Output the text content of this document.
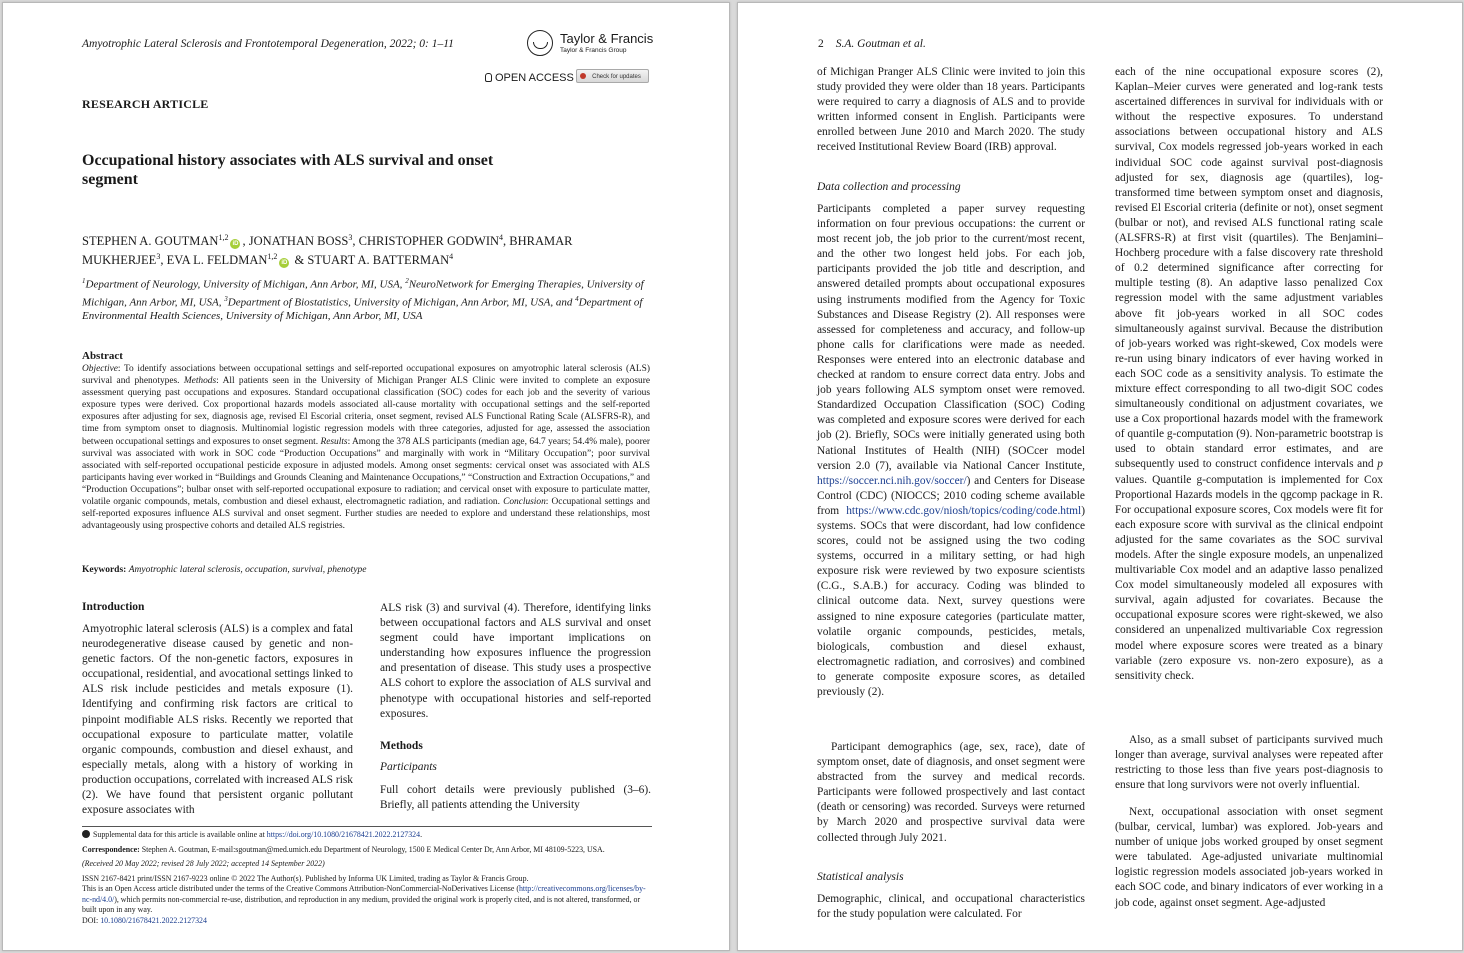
Amyotrophic Lateral Sclerosis and Frontotemporal Degeneration, 2022; 0: 1–11	Taylor & Francis
Taylor & Francis Group
OPEN ACCESS	Check for updates
RESEARCH ARTICLE
Occupational history associates with ALS survival and onset segment
STEPHEN A. GOUTMAN$^{1,2}$iD , JONATHAN BOSS$^3$, CHRISTOPHER GODWIN$^4$, BHRAMAR MUKHERJEE$^3$, EVA L. FELDMAN$^{1,2}$iD & STUART A. BATTERMAN$^4$
$^1$Department of Neurology, University of Michigan, Ann Arbor, MI, USA, $^2$NeuroNetwork for Emerging Therapies, University of Michigan, Ann Arbor, MI, USA, $^3$Department of Biostatistics, University of Michigan, Ann Arbor, MI, USA, and $^4$Department of Environmental Health Sciences, University of Michigan, Ann Arbor, MI, USA
Abstract
Objective: To identify associations between occupational settings and self-reported occupational exposures on amyotrophic lateral sclerosis (ALS) survival and phenotypes. Methods: All patients seen in the University of Michigan Pranger ALS Clinic were invited to complete an exposure assessment querying past occupations and exposures. Standard occupational classification (SOC) codes for each job and the severity of various exposure types were derived. Cox proportional hazards models associated all-cause mortality with occupational settings and the self-reported exposures after adjusting for sex, diagnosis age, revised El Escorial criteria, onset segment, revised ALS Functional Rating Scale (ALSFRS-R), and time from symptom onset to diagnosis. Multinomial logistic regression models with three categories, adjusted for age, assessed the association between occupational settings and exposures to onset segment. Results: Among the 378 ALS participants (median age, 64.7 years; 54.4% male), poorer survival was associated with work in SOC code “Production Occupations” and marginally with work in “Military Occupation”; poor survival associated with self-reported occupational pesticide exposure in adjusted models. Among onset segments: cervical onset was associated with ALS participants having ever worked in “Buildings and Grounds Cleaning and Maintenance Occupations,” “Construction and Extraction Occupations,” and “Production Occupations”; bulbar onset with self-reported occupational exposure to radiation; and cervical onset with exposure to particulate matter, volatile organic compounds, metals, combustion and diesel exhaust, electromagnetic radiation, and radiation. Conclusion: Occupational settings and self-reported exposures influence ALS survival and onset segment. Further studies are needed to explore and understand these relationships, most advantageously using prospective cohorts and detailed ALS registries.
Keywords: Amyotrophic lateral sclerosis, occupation, survival, phenotype
Introduction
Amyotrophic lateral sclerosis (ALS) is a complex and fatal neurodegenerative disease caused by genetic and non-genetic factors. Of the non-genetic factors, exposures in occupational, residential, and avocational settings linked to ALS risk include pesticides and metals exposure (1). Identifying and confirming risk factors are critical to pinpoint modifiable ALS risks. Recently we reported that occupational exposure to particulate matter, volatile organic compounds, combustion and diesel exhaust, and especially metals, along with a history of working in production occupations, correlated with increased ALS risk (2). We have found that persistent organic pollutant exposure associates with
ALS risk (3) and survival (4). Therefore, identifying links between occupational factors and ALS survival and onset segment could have important implications on understanding how exposures influence the progression and presentation of disease. This study uses a prospective ALS cohort to explore the association of ALS survival and phenotype with occupational histories and self-reported exposures.
Methods
Participants
Full cohort details were previously published (3–6). Briefly, all patients attending the University
Supplemental data for this article is available online at https://doi.org/10.1080/21678421.2022.2127324.
Correspondence: Stephen A. Goutman, E-mail:sgoutman@med.umich.edu Department of Neurology, 1500 E Medical Center Dr, Ann Arbor, MI 48109-5223, USA.
(Received 20 May 2022; revised 28 July 2022; accepted 14 September 2022)
ISSN 2167-8421 print/ISSN 2167-9223 online © 2022 The Author(s). Published by Informa UK Limited, trading as Taylor & Francis Group.
This is an Open Access article distributed under the terms of the Creative Commons Attribution-NonCommercial-NoDerivatives License (http://creativecommons.org/licenses/by-nc-nd/4.0/), which permits non-commercial re-use, distribution, and reproduction in any medium, provided the original work is properly cited, and is not altered, transformed, or built upon in any way.
DOI: 10.1080/21678421.2022.2127324
2 S.A. Goutman et al.
of Michigan Pranger ALS Clinic were invited to join this study provided they were older than 18 years. Participants were required to carry a diagnosis of ALS and to provide written informed consent in English. Participants were enrolled between June 2010 and March 2020. The study received Institutional Review Board (IRB) approval.
Data collection and processing
Participants completed a paper survey requesting information on four previous occupations: the current or most recent job, the job prior to the current/most recent, and the other two longest held jobs. For each job, participants provided the job title and description, and answered detailed prompts about occupational exposures using instruments modified from the Agency for Toxic Substances and Disease Registry (2). All responses were assessed for completeness and accuracy, and follow-up phone calls for clarifications were made as needed. Responses were entered into an electronic database and checked at random to ensure correct data entry. Jobs and job years following ALS symptom onset were removed. Standardized Occupation Classification (SOC) Coding was completed and exposure scores were derived for each job (2). Briefly, SOCs were initially generated using both National Institutes of Health (NIH) (SOCcer model version 2.0 (7), available via National Cancer Institute, https://soccer.nci.nih.gov/soccer/) and Centers for Disease Control (CDC) (NIOCCS; 2010 coding scheme available from https://www.cdc.gov/niosh/topics/coding/code.html) systems. SOCs that were discordant, had low confidence scores, could not be assigned using the two coding systems, occurred in a military setting, or had high exposure risk were reviewed by two exposure scientists (C.G., S.A.B.) for accuracy. Coding was blinded to clinical outcome data. Next, survey questions were assigned to nine exposure categories (particulate matter, volatile organic compounds, pesticides, metals, biologicals, combustion and diesel exhaust, electromagnetic radiation, and corrosives) and combined to generate composite exposure scores, as detailed previously (2).
Participant demographics (age, sex, race), date of symptom onset, date of diagnosis, and onset segment were abstracted from the survey and medical records. Participants were followed prospectively and last contact (death or censoring) was recorded. Surveys were returned by March 2020 and prospective survival data were collected through July 2021.
Statistical analysis
Demographic, clinical, and occupational characteristics for the study population were calculated. For
each of the nine occupational exposure scores (2), Kaplan–Meier curves were generated and log-rank tests ascertained differences in survival for individuals with or without the respective exposures. To understand associations between occupational history and ALS survival, Cox models regressed job-years worked in each individual SOC code against survival post-diagnosis adjusted for sex, diagnosis age (quartiles), log-transformed time between symptom onset and diagnosis, revised El Escorial criteria (definite or not), onset segment (bulbar or not), and revised ALS functional rating scale (ALSFRS-R) at first visit (quartiles). The Benjamini–Hochberg procedure with a false discovery rate threshold of 0.2 determined significance after correcting for multiple testing (8). An adaptive lasso penalized Cox regression model with the same adjustment variables above fit job-years worked in all SOC codes simultaneously against survival. Because the distribution of job-years worked was right-skewed, Cox models were re-run using binary indicators of ever having worked in each SOC code as a sensitivity analysis. To estimate the mixture effect corresponding to all two-digit SOC codes simultaneously conditional on adjustment covariates, we use a Cox proportional hazards model with the framework of quantile g-computation (9). Non-parametric bootstrap is used to obtain standard error estimates, and are subsequently used to construct confidence intervals and p values. Quantile g-computation is implemented for Cox Proportional Hazards models in the qgcomp package in R. For occupational exposure scores, Cox models were fit for each exposure score with survival as the clinical endpoint adjusted for the same covariates as the SOC survival models. After the single exposure models, an unpenalized multivariable Cox model and an adaptive lasso penalized Cox model simultaneously modeled all exposures with survival, again adjusted for covariates. Because the occupational exposure scores were right-skewed, we also considered an unpenalized multivariable Cox regression model where exposure scores were treated as a binary variable (zero exposure vs. non-zero exposure), as a sensitivity check.
Also, as a small subset of participants survived much longer than average, survival analyses were repeated after restricting to those less than five years post-diagnosis to ensure that long survivors were not overly influential.
Next, occupational association with onset segment (bulbar, cervical, lumbar) was explored. Job-years and number of unique jobs worked grouped by onset segment were tabulated. Age-adjusted univariate multinomial logistic regression models associated job-years worked in each SOC code, and binary indicators of ever working in a job code, against onset segment. Age-adjusted
